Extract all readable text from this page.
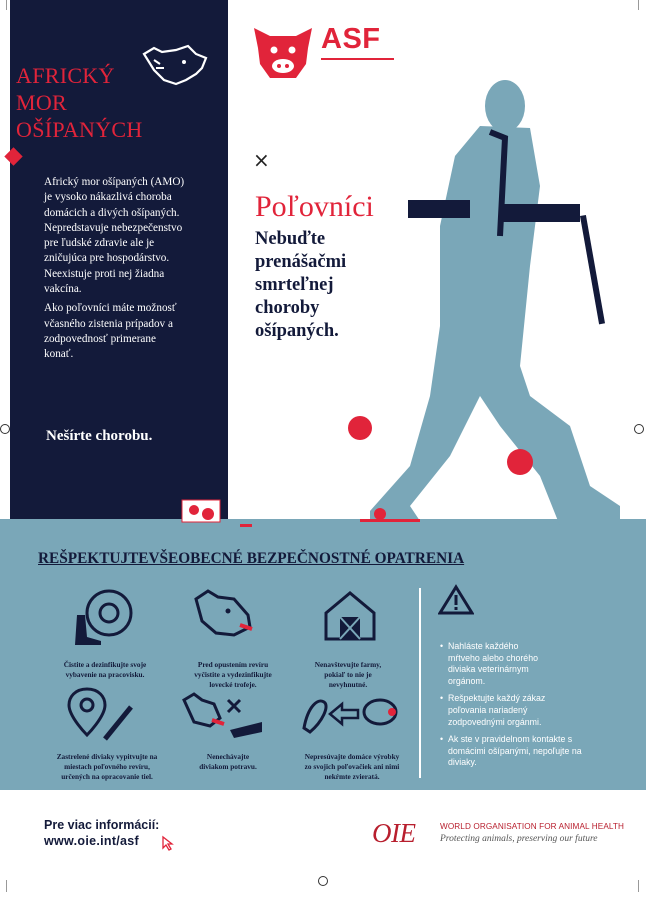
AFRICKÝ
MOR
OŠÍPANÝCH

Africký mor ošípaných (AMO)
je vysoko nákazlivá choroba
domácich a divých ošípaných.
Nepredstavuje nebezpečenstvo
pre ľudské zdravie ale je
zničujúca pre hospodárstvo.
Neexistuje proti nej žiadna
vakcína.

Ako poľovníci máte možnosť
včasného zistenia prípadov a
zodpovednosť primerane
konať.

Nešírte chorobu.
ASF
×
Poľovníci
Nebuďte
prenášačmi
smrteľnej
choroby
ošípaných.
REŠPEKTUJTEVŠEOBECNÉ BEZPEČNOSTNÉ OPATRENIA
Čistite a dezinfikujte svoje
vybavenie na pracovisku.
Pred opustením revíru
vyčistite a vydezinfikujte
lovecké trofeje.
Nenavštevujte farmy,
pokiaľ to nie je
nevyhnutné.
Zastrelené diviaky vypitvujte na
miestach poľovného revíru,
určených na opracovanie tiel.
Nenechávajte
diviakom potravu.
Nepresúvajte domáce výrobky
zo svojich poľovačiek ani nimi
nekŕmte zvieratá.
• Nahláste každého
mŕtveho alebo chorého
diviaka veterinárnym
orgánom.
• Rešpektujte každý zákaz
poľovania nariadený
zodpovednými orgánmi.
• Ak ste v pravidelnom kontakte s
domácimi ošípanými, nepoľujte na
diviaky.
Pre viac informácií:
www.oie.int/asf	OIE	WORLD ORGANISATION FOR ANIMAL HEALTH
Protecting animals, preserving our future
